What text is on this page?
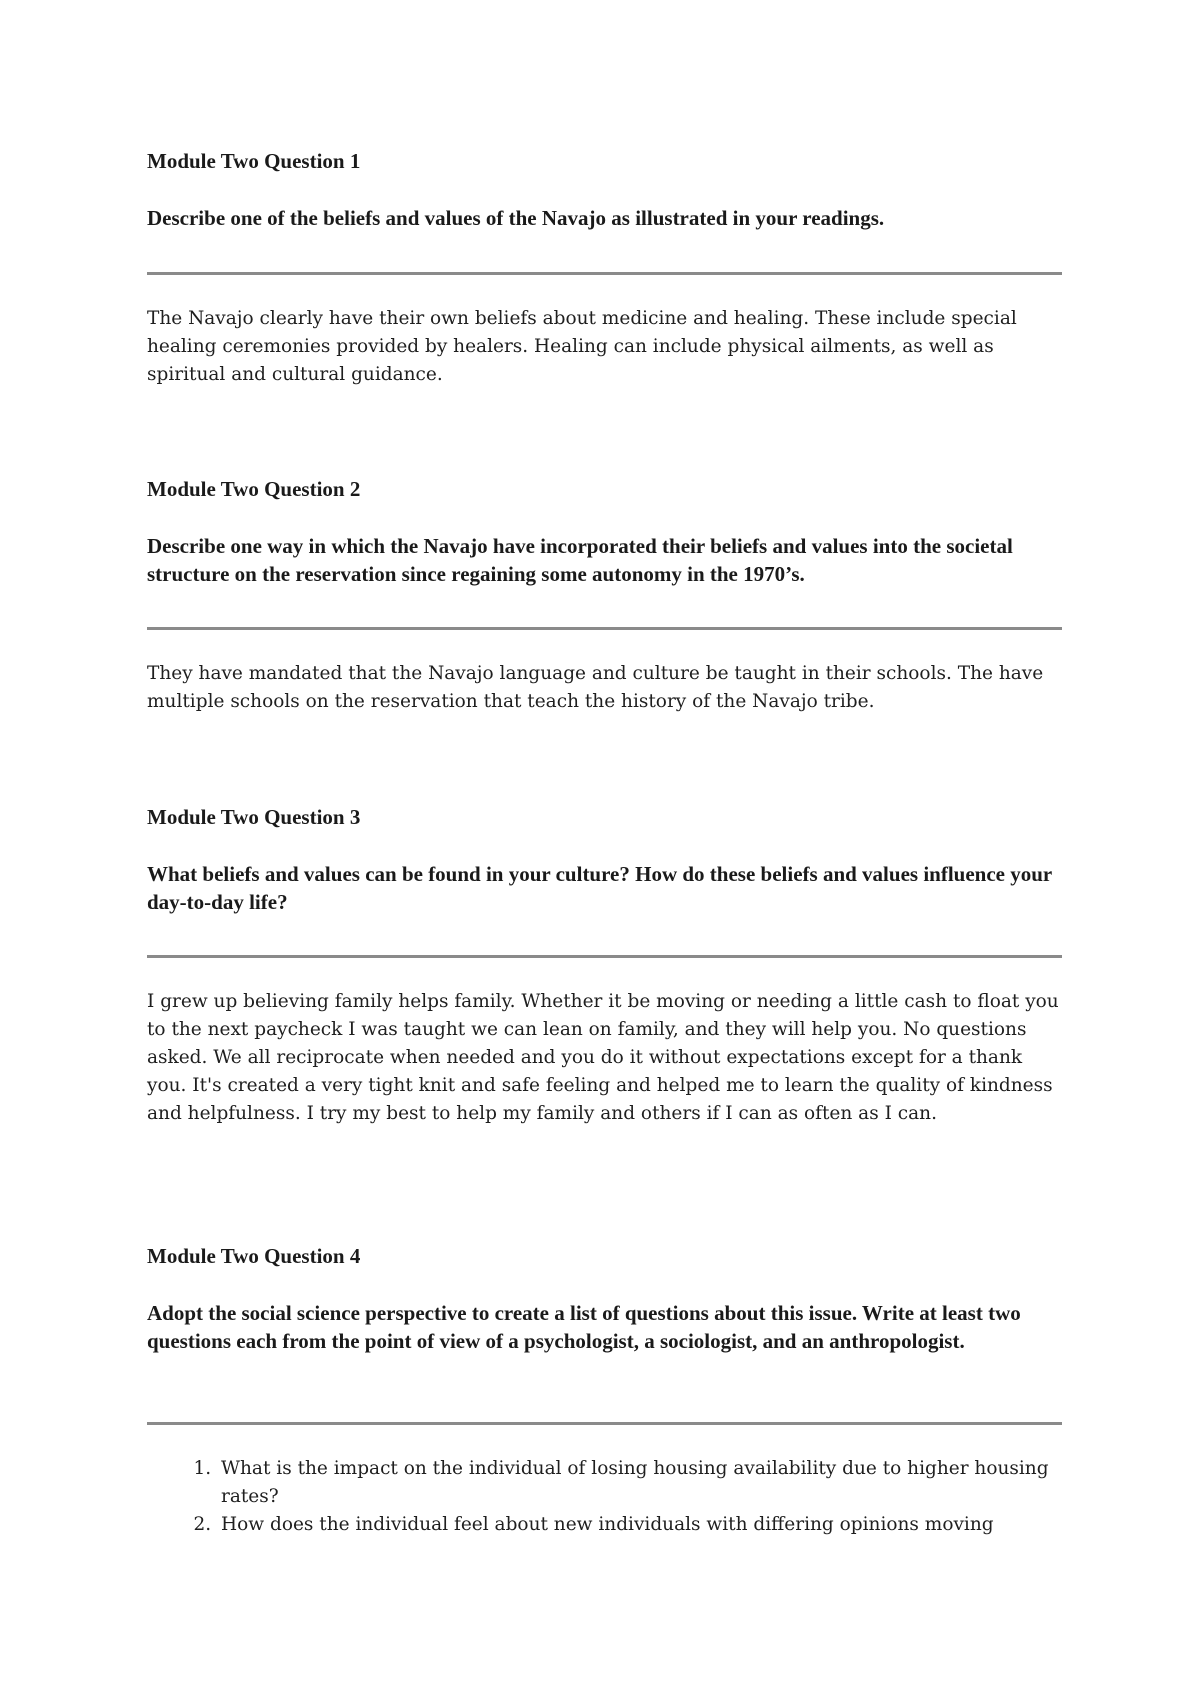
Module Two Question 1

Describe one of the beliefs and values of the Navajo as illustrated in your readings.

The Navajo clearly have their own beliefs about medicine and healing. These include special healing ceremonies provided by healers. Healing can include physical ailments, as well as spiritual and cultural guidance.

Module Two Question 2

Describe one way in which the Navajo have incorporated their beliefs and values into the societal structure on the reservation since regaining some autonomy in the 1970’s.

They have mandated that the Navajo language and culture be taught in their schools. The have multiple schools on the reservation that teach the history of the Navajo tribe.

Module Two Question 3

What beliefs and values can be found in your culture? How do these beliefs and values influence your day-to-day life?

I grew up believing family helps family. Whether it be moving or needing a little cash to float you to the next paycheck I was taught we can lean on family, and they will help you. No questions asked. We all reciprocate when needed and you do it without expectations except for a thank you. It's created a very tight knit and safe feeling and helped me to learn the quality of kindness and helpfulness. I try my best to help my family and others if I can as often as I can.

Module Two Question 4

Adopt the social science perspective to create a list of questions about this issue. Write at least two questions each from the point of view of a psychologist, a sociologist, and an anthropologist.

1. What is the impact on the individual of losing housing availability due to higher housing rates?
2. How does the individual feel about new individuals with differing opinions moving
